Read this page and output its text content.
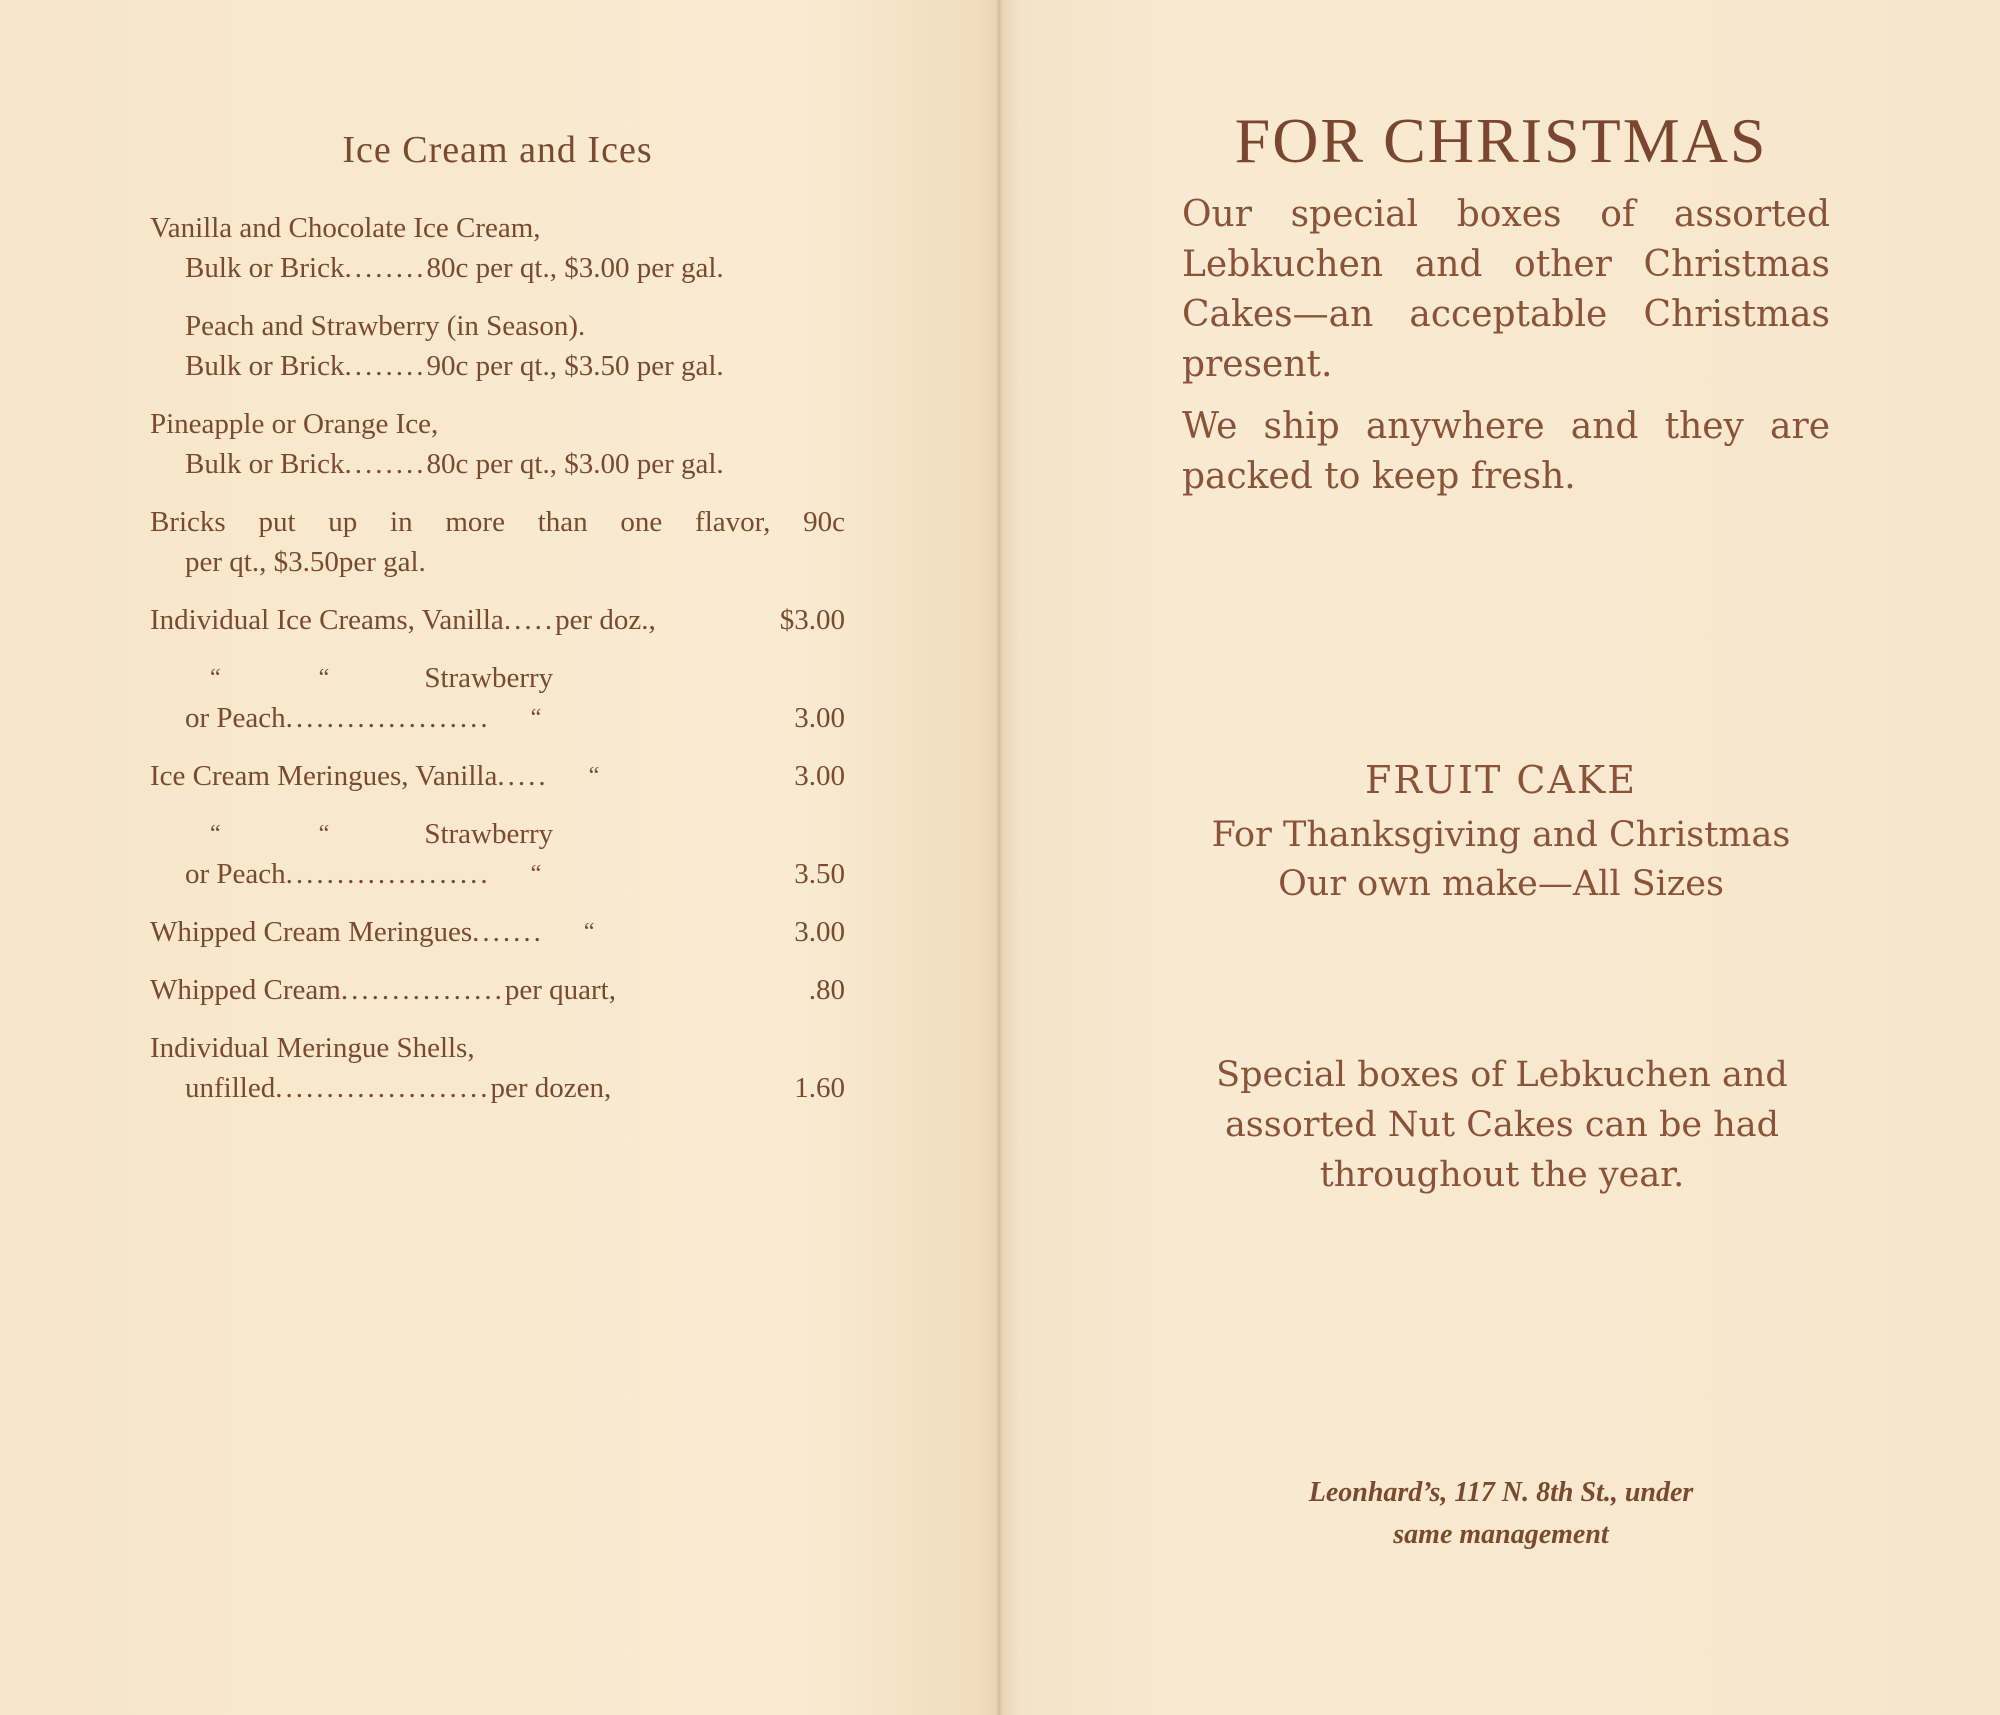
Ice Cream and Ices
Vanilla and Chocolate Ice Cream,
Bulk or Brick ........ 80c per qt., $3.00 per gal.
Peach and Strawberry (in Season).
Bulk or Brick ........ 90c per qt., $3.50 per gal.
Pineapple or Orange Ice,
Bulk or Brick ........ 80c per qt., $3.00 per gal.
Bricks put up in more than one flavor, 90c
per qt., $3.50per gal.
Individual Ice Creams, Vanilla ..... per doz.,	$3.00
“	“	Strawberry
or Peach .................... “	3.00
Ice Cream Meringues, Vanilla ..... “	3.00
“	“	Strawberry
or Peach .................... “	3.50
Whipped Cream Meringues ....... “	3.00
Whipped Cream ................ per quart,	.80
Individual Meringue Shells,
unfilled ..................... per dozen,	1.60
FOR CHRISTMAS

Our special boxes of assorted Lebkuchen and other Christmas Cakes—an acceptable Christmas present.

We ship anywhere and they are packed to keep fresh.

FRUIT CAKE
For Thanksgiving and Christmas
Our own make—All Sizes
Special boxes of Lebkuchen and assorted Nut Cakes can be had throughout the year.
Leonhard’s, 117 N. 8th St., under
same management
